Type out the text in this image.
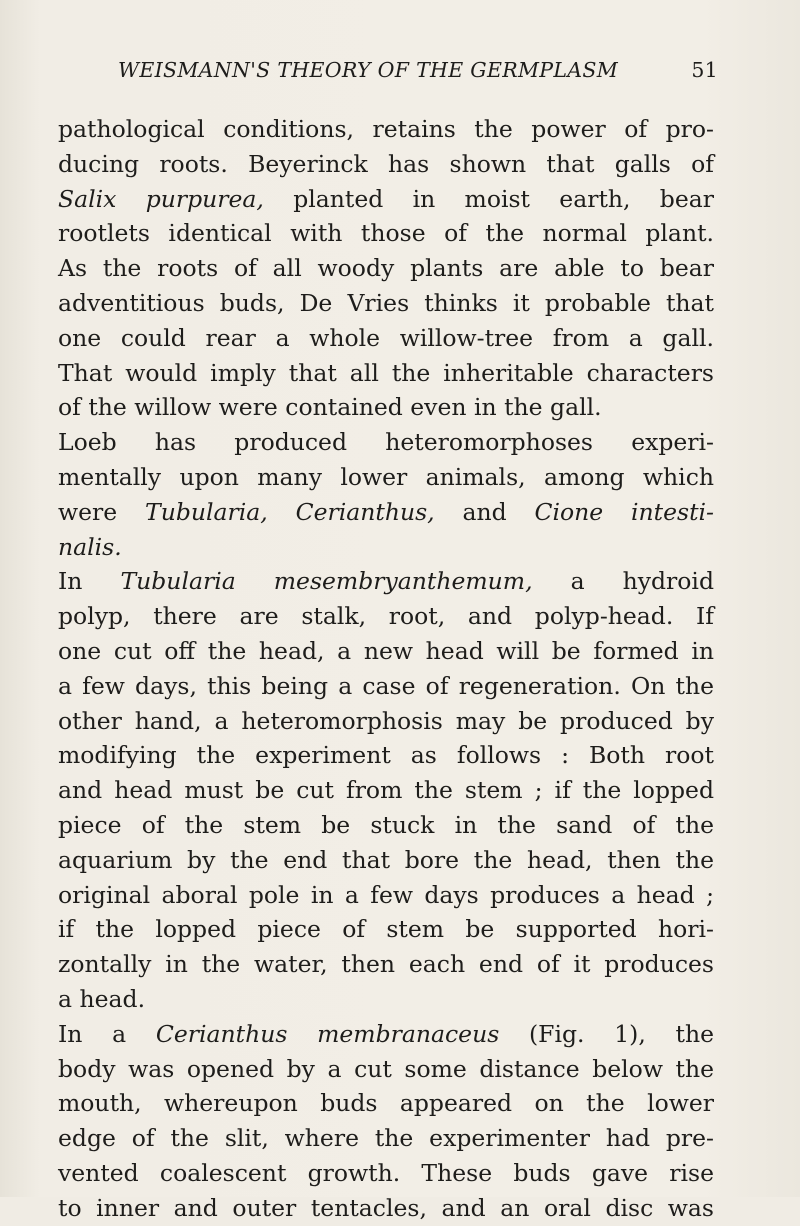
WEISMANN'S THEORY OF THE GERMPLASM	51
pathological conditions, retains the power of pro-
ducing roots. Beyerinck has shown that galls of
Salix purpurea, planted in moist earth, bear
rootlets identical with those of the normal plant.
As the roots of all woody plants are able to bear
adventitious buds, De Vries thinks it probable that
one could rear a whole willow-tree from a gall.
That would imply that all the inheritable characters
of the willow were contained even in the gall.
Loeb has produced heteromorphoses experi-
mentally upon many lower animals, among which
were Tubularia, Cerianthus, and Cione intesti-
nalis.
In Tubularia mesembryanthemum, a hydroid
polyp, there are stalk, root, and polyp-head. If
one cut off the head, a new head will be formed in
a few days, this being a case of regeneration. On the
other hand, a heteromorphosis may be produced by
modifying the experiment as follows : Both root
and head must be cut from the stem ; if the lopped
piece of the stem be stuck in the sand of the
aquarium by the end that bore the head, then the
original aboral pole in a few days produces a head ;
if the lopped piece of stem be supported hori-
zontally in the water, then each end of it produces
a head.
In a Cerianthus membranaceus (Fig. 1), the
body was opened by a cut some distance below the
mouth, whereupon buds appeared on the lower
edge of the slit, where the experimenter had pre-
vented coalescent growth. These buds gave rise
to inner and outer tentacles, and an oral disc was
